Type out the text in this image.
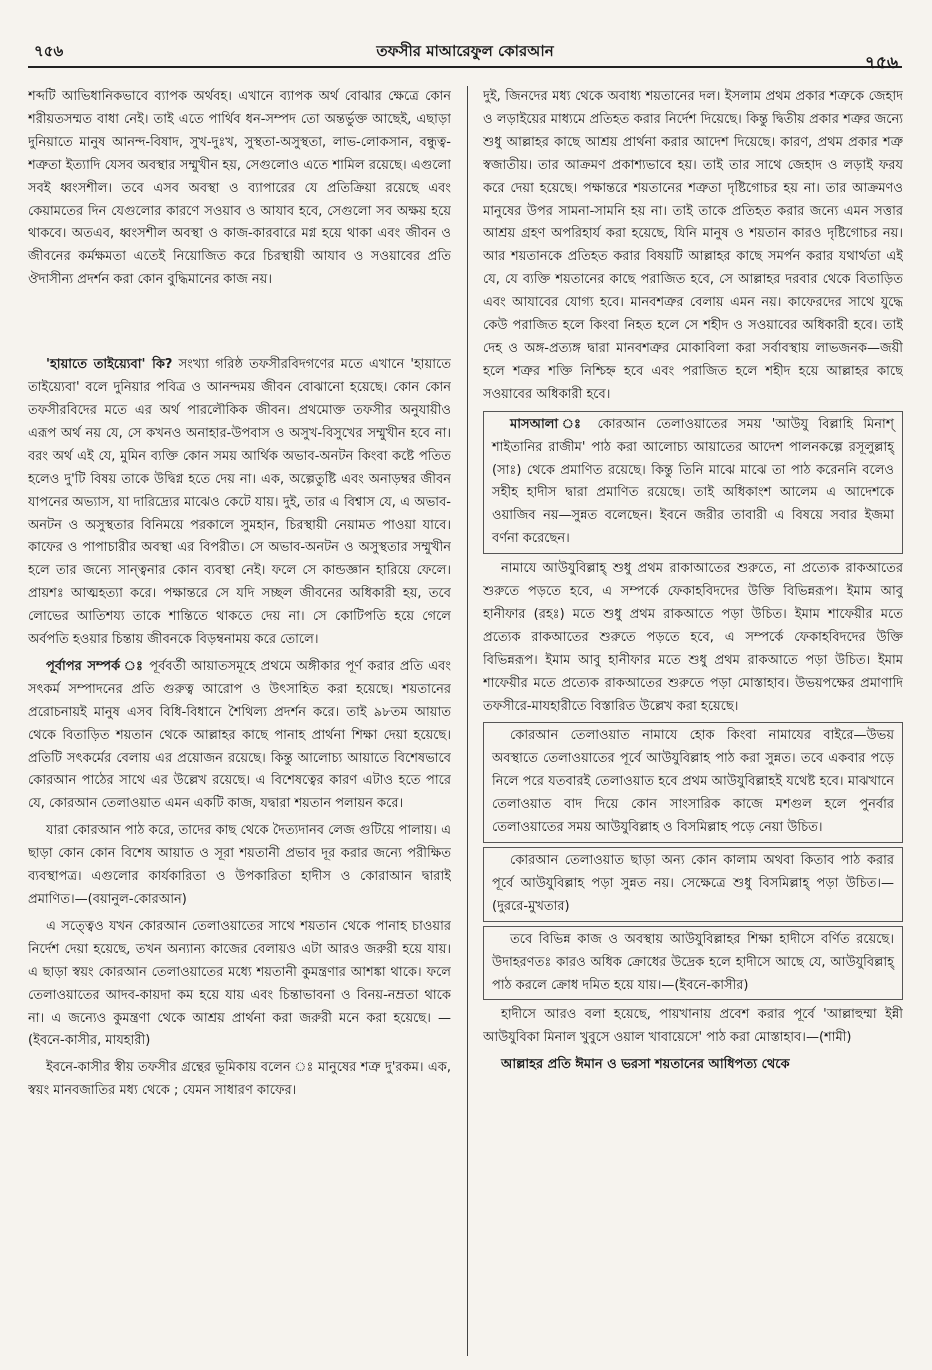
৭৫৬	তফসীর মাআরেফুল কোরআন
৭৫৬

শব্দটি আভিধানিকভাবে ব্যাপক অর্থবহ। এখানে ব্যাপক অর্থ বোঝার ক্ষেত্রে কোন শরীয়তসম্মত বাধা নেই। তাই এতে পার্থিব ধন-সম্পদ তো অন্তর্ভুক্ত আছেই, এছাড়া দুনিয়াতে মানুষ আনন্দ-বিষাদ, সুখ-দুঃখ, সুস্থতা-অসুস্থতা, লাভ-লোকসান, বন্ধুত্ব-শত্রুতা ইত্যাদি যেসব অবস্থার সম্মুখীন হয়, সেগুলোও এতে শামিল রয়েছে। এগুলো সবই ধ্বংসশীল। তবে এসব অবস্থা ও ব্যাপারের যে প্রতিক্রিয়া রয়েছে এবং কেয়ামতের দিন যেগুলোর কারণে সওয়াব ও আযাব হবে, সেগুলো সব অক্ষয় হয়ে থাকবে। অতএব, ধ্বংসশীল অবস্থা ও কাজ-কারবারে মগ্ন হয়ে থাকা এবং জীবন ও জীবনের কর্মক্ষমতা এতেই নিয়োজিত করে চিরস্থায়ী আযাব ও সওয়াবের প্রতি ঔদাসীন্য প্রদর্শন করা কোন বুদ্ধিমানের কাজ নয়।

'হায়াতে তাইয়্যেবা' কি? সংখ্যা গরিষ্ঠ তফসীরবিদগণের মতে এখানে 'হায়াতে তাইয়্যেবা' বলে দুনিয়ার পবিত্র ও আনন্দময় জীবন বোঝানো হয়েছে। কোন কোন তফসীরবিদের মতে এর অর্থ পারলৌকিক জীবন। প্রথমোক্ত তফসীর অনুযায়ীও এরূপ অর্থ নয় যে, সে কখনও অনাহার-উপবাস ও অসুখ-বিসুখের সম্মুখীন হবে না। বরং অর্থ এই যে, মুমিন ব্যক্তি কোন সময় আর্থিক অভাব-অনটন কিংবা কষ্টে পতিত হলেও দু'টি বিষয় তাকে উদ্বিগ্ন হতে দেয় না। এক, অল্পেতুষ্টি এবং অনাড়ম্বর জীবন যাপনের অভ্যাস, যা দারিদ্র্যের মাঝেও কেটে যায়। দুই, তার এ বিশ্বাস যে, এ অভাব-অনটন ও অসুস্থতার বিনিময়ে পরকালে সুমহান, চিরস্থায়ী নেয়ামত পাওয়া যাবে। কাফের ও পাপাচারীর অবস্থা এর বিপরীত। সে অভাব-অনটন ও অসুস্থতার সম্মুখীন হলে তার জন্যে সান্ত্বনার কোন ব্যবস্থা নেই। ফলে সে কান্ডজ্ঞান হারিয়ে ফেলে। প্রায়শঃ আত্মহত্যা করে। পক্ষান্তরে সে যদি সচ্ছল জীবনের অধিকারী হয়, তবে লোভের আতিশয্য তাকে শান্তিতে থাকতে দেয় না। সে কোটিপতি হয়ে গেলে অর্বপতি হওয়ার চিন্তায় জীবনকে বিড়ম্বনাময় করে তোলে।

পূর্বাপর সম্পর্ক ঃ পূর্ববর্তী আয়াতসমূহে প্রথমে অঙ্গীকার পূর্ণ করার প্রতি এবং সৎকর্ম সম্পাদনের প্রতি গুরুত্ব আরোপ ও উৎসাহিত করা হয়েছে। শয়তানের প্ররোচনায়ই মানুষ এসব বিধি-বিধানে শৈথিল্য প্রদর্শন করে। তাই ৯৮তম আয়াত থেকে বিতাড়িত শয়তান থেকে আল্লাহর কাছে পানাহ প্রার্থনা শিক্ষা দেয়া হয়েছে। প্রতিটি সৎকর্মের বেলায় এর প্রয়োজন রয়েছে। কিন্তু আলোচ্য আয়াতে বিশেষভাবে কোরআন পাঠের সাথে এর উল্লেখ রয়েছে। এ বিশেষত্বের কারণ এটাও হতে পারে যে, কোরআন তেলাওয়াত এমন একটি কাজ, যদ্বারা শয়তান পলায়ন করে।

যারা কোরআন পাঠ করে, তাদের কাছ থেকে দৈত্যদানব লেজ গুটিয়ে পালায়। এ ছাড়া কোন কোন বিশেষ আয়াত ও সূরা শয়তানী প্রভাব দূর করার জন্যে পরীক্ষিত ব্যবস্থাপত্র। এগুলোর কার্যকারিতা ও উপকারিতা হাদীস ও কোরাআন দ্বারাই প্রমাণিত।—(বয়ানুল-কোরআন)

এ সত্ত্বেও যখন কোরআন তেলাওয়াতের সাথে শয়তান থেকে পানাহ চাওয়ার নির্দেশ দেয়া হয়েছে, তখন অন্যান্য কাজের বেলায়ও এটা আরও জরুরী হয়ে যায়। এ ছাড়া স্বয়ং কোরআন তেলাওয়াতের মধ্যে শয়তানী কুমন্ত্রণার আশঙ্কা থাকে। ফলে তেলাওয়াতের আদব-কায়দা কম হয়ে যায় এবং চিন্তাভাবনা ও বিনয়-নম্রতা থাকে না। এ জন্যেও কুমন্ত্রণা থেকে আশ্রয় প্রার্থনা করা জরুরী মনে করা হয়েছে। —(ইবনে-কাসীর, মাযহারী)

ইবনে-কাসীর স্বীয় তফসীর গ্রন্থের ভূমিকায় বলেন ঃ মানুষের শত্রু দু'রকম। এক, স্বয়ং মানবজাতির মধ্য থেকে ; যেমন সাধারণ কাফের।

দুই, জিনদের মধ্য থেকে অবাধ্য শয়তানের দল। ইসলাম প্রথম প্রকার শত্রুকে জেহাদ ও লড়াইয়ের মাধ্যমে প্রতিহত করার নির্দেশ দিয়েছে। কিন্তু দ্বিতীয় প্রকার শত্রুর জন্যে শুধু আল্লাহর কাছে আশ্রয় প্রার্থনা করার আদেশ দিয়েছে। কারণ, প্রথম প্রকার শত্রু স্বজাতীয়। তার আক্রমণ প্রকাশ্যভাবে হয়। তাই তার সাথে জেহাদ ও লড়াই ফরয করে দেয়া হয়েছে। পক্ষান্তরে শয়তানের শত্রুতা দৃষ্টিগোচর হয় না। তার আক্রমণও মানুষের উপর সামনা-সামনি হয় না। তাই তাকে প্রতিহত করার জন্যে এমন সত্তার আশ্রয় গ্রহণ অপরিহার্য করা হয়েছে, যিনি মানুষ ও শয়তান কারও দৃষ্টিগোচর নয়। আর শয়তানকে প্রতিহত করার বিষয়টি আল্লাহর কাছে সমর্পন করার যথার্থতা এই যে, যে ব্যক্তি শয়তানের কাছে পরাজিত হবে, সে আল্লাহর দরবার থেকে বিতাড়িত এবং আযাবের যোগ্য হবে। মানবশত্রুর বেলায় এমন নয়। কাফেরদের সাথে যুদ্ধে কেউ পরাজিত হলে কিংবা নিহত হলে সে শহীদ ও সওয়াবের অধিকারী হবে। তাই দেহ ও অঙ্গ-প্রত্যঙ্গ দ্বারা মানবশত্রুর মোকাবিলা করা সর্বাবস্থায় লাভজনক—জয়ী হলে শত্রুর শক্তি নিশ্চিহ্ন হবে এবং পরাজিত হলে শহীদ হয়ে আল্লাহর কাছে সওয়াবের অধিকারী হবে।

মাসআলা ঃ কোরআন তেলাওয়াতের সময় 'আউযু বিল্লাহি মিনাশ্ শাইতানির রাজীম' পাঠ করা আলোচ্য আয়াতের আদেশ পালনকল্পে রসূলুল্লাহ্ (সাঃ) থেকে প্রমাণিত রয়েছে। কিন্তু তিনি মাঝে মাঝে তা পাঠ করেননি বলেও সহীহ হাদীস দ্বারা প্রমাণিত রয়েছে। তাই অধিকাংশ আলেম এ আদেশকে ওয়াজিব নয়—সুন্নত বলেছেন। ইবনে জরীর তাবারী এ বিষয়ে সবার ইজমা বর্ণনা করেছেন।

নামাযে আউযুবিল্লাহ্ শুধু প্রথম রাকাআতের শুরুতে, না প্রত্যেক রাকআতের শুরুতে পড়তে হবে, এ সম্পর্কে ফেকাহবিদদের উক্তি বিভিন্নরূপ। ইমাম আবু হানীফার (রহঃ) মতে শুধু প্রথম রাকআতে পড়া উচিত। ইমাম শাফেয়ীর মতে প্রত্যেক রাকআতের শুরুতে পড়তে হবে, এ সম্পর্কে ফেকাহবিদদের উক্তি বিভিন্নরূপ। ইমাম আবু হানীফার মতে শুধু প্রথম রাকআতে পড়া উচিত। ইমাম শাফেয়ীর মতে প্রত্যেক রাকআতের শুরুতে পড়া মোস্তাহাব। উভয়পক্ষের প্রমাণাদি তফসীরে-মাযহারীতে বিস্তারিত উল্লেখ করা হয়েছে।

কোরআন তেলাওয়াত নামাযে হোক কিংবা নামাযের বাইরে—উভয় অবস্থাতে তেলাওয়াতের পূর্বে আউযুবিল্লাহ পাঠ করা সুন্নত। তবে একবার পড়ে নিলে পরে যতবারই তেলাওয়াত হবে প্রথম আউযুবিল্লাহই যথেষ্ট হবে। মাঝখানে তেলাওয়াত বাদ দিয়ে কোন সাংসারিক কাজে মশগুল হলে পুনর্বার তেলাওয়াতের সময় আউযুবিল্লাহ ও বিসমিল্লাহ পড়ে নেয়া উচিত।

কোরআন তেলাওয়াত ছাড়া অন্য কোন কালাম অথবা কিতাব পাঠ করার পূর্বে আউযুবিল্লাহ পড়া সুন্নত নয়। সেক্ষেত্রে শুধু বিসমিল্লাহ্ পড়া উচিত।—(দুররে-মুখতার)

তবে বিভিন্ন কাজ ও অবস্থায় আউযুবিল্লাহর শিক্ষা হাদীসে বর্ণিত রয়েছে। উদাহরণতঃ কারও অধিক ক্রোধের উদ্রেক হলে হাদীসে আছে যে, আউযুবিল্লাহ্ পাঠ করলে ক্রোধ দমিত হয়ে যায়।—(ইবনে-কাসীর)

হাদীসে আরও বলা হয়েছে, পায়খানায় প্রবেশ করার পূর্বে 'আল্লাহুম্মা ইন্নী আউযুবিকা মিনাল খুবুসে ওয়াল খাবায়েসে' পাঠ করা মোস্তাহাব।—(শামী)

আল্লাহর প্রতি ঈমান ও ভরসা শয়তানের আধিপত্য থেকে
